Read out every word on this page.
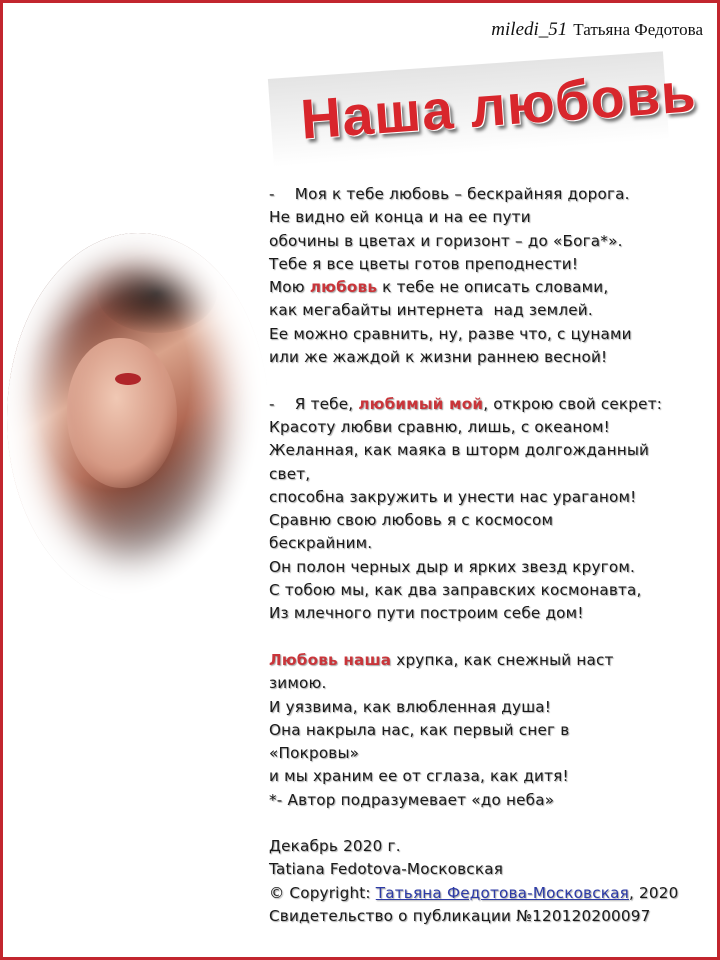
miledi_51 Татьяна Федотова
Наша любовь
-    Моя к тебе любовь – бескрайняя дорога.
Не видно ей конца и на ее пути
обочины в цветах и горизонт – до «Бога*».
Тебе я все цветы готов преподнести!
Мою любовь к тебе не описать словами,
как мегабайты интернета  над землей.
Ее можно сравнить, ну, разве что, с цунами
или же жаждой к жизни раннею весной!
-    Я тебе, любимый мой, открою свой секрет:
Красоту любви сравню, лишь, с океаном!
Желанная, как маяка в шторм долгожданный
свет,
способна закружить и унести нас ураганом!
Сравню свою любовь я с космосом
бескрайним.
Он полон черных дыр и ярких звезд кругом.
С тобою мы, как два заправских космонавта,
Из млечного пути построим себе дом!
Любовь наша хрупка, как снежный наст
зимою.
И уязвима, как влюбленная душа!
Она накрыла нас, как первый снег в
«Покровы»
и мы храним ее от сглаза, как дитя!
*- Автор подразумевает «до неба»
Декабрь 2020 г.
Tatiana Fedotova-Московская
© Copyright: Татьяна Федотова-Московская, 2020
Свидетельство о публикации №120120200097
